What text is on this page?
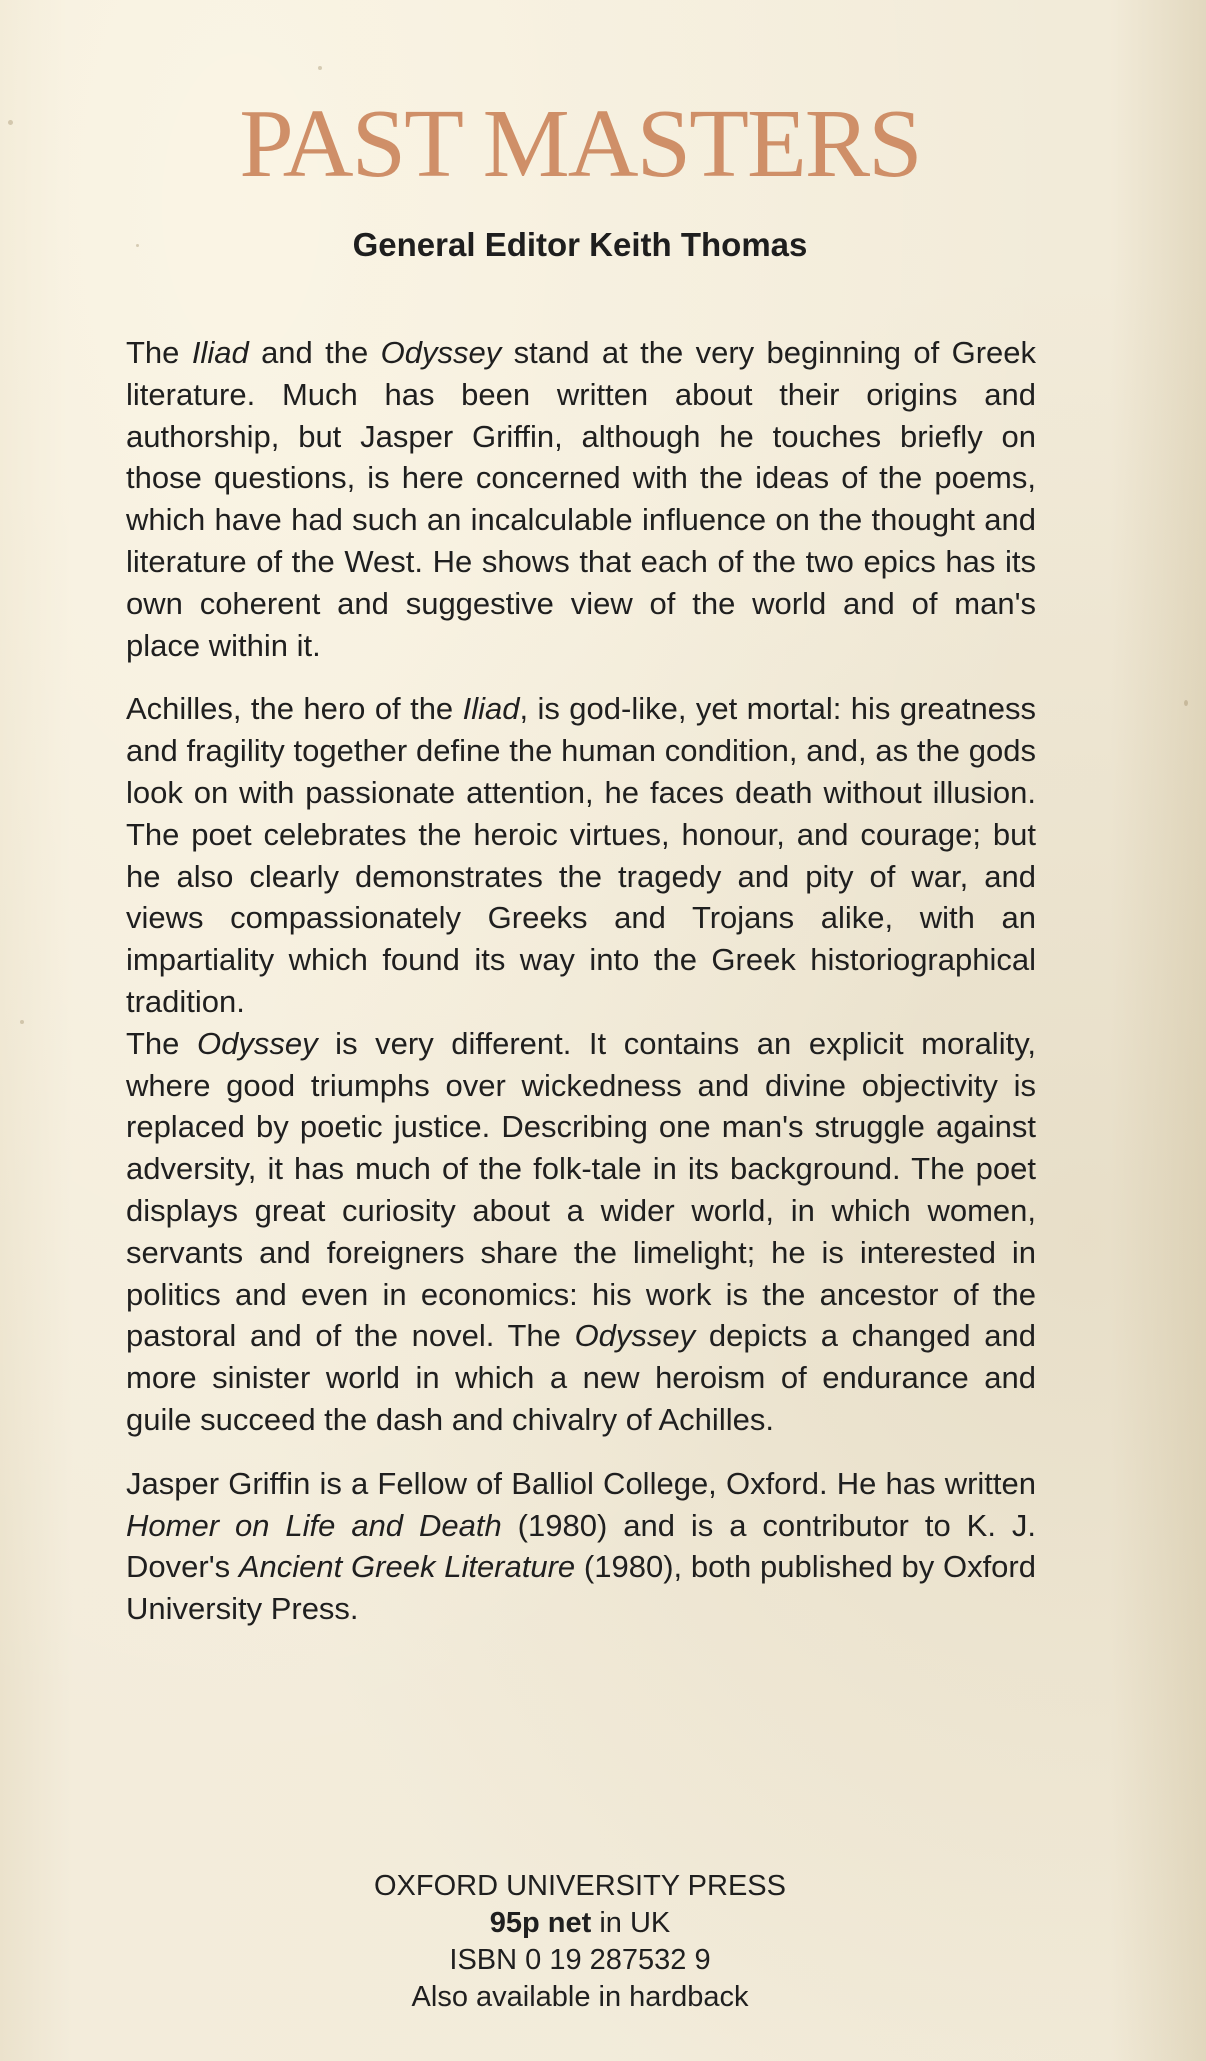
PAST MASTERS
General Editor Keith Thomas

The Iliad and the Odyssey stand at the very beginning of Greek literature. Much has been written about their origins and authorship, but Jasper Griffin, although he touches briefly on those questions, is here concerned with the ideas of the poems, which have had such an incalculable influence on the thought and literature of the West. He shows that each of the two epics has its own coherent and suggestive view of the world and of man's place within it.

Achilles, the hero of the Iliad, is god-like, yet mortal: his greatness and fragility together define the human condition, and, as the gods look on with passionate attention, he faces death without illusion. The poet celebrates the heroic virtues, honour, and courage; but he also clearly demonstrates the tragedy and pity of war, and views compassionately Greeks and Trojans alike, with an impartiality which found its way into the Greek historiographical tradition.

The Odyssey is very different. It contains an explicit morality, where good triumphs over wickedness and divine objectivity is replaced by poetic justice. Describing one man's struggle against adversity, it has much of the folk-tale in its background. The poet displays great curiosity about a wider world, in which women, servants and foreigners share the limelight; he is interested in politics and even in economics: his work is the ancestor of the pastoral and of the novel. The Odyssey depicts a changed and more sinister world in which a new heroism of endurance and guile succeed the dash and chivalry of Achilles.

Jasper Griffin is a Fellow of Balliol College, Oxford. He has written Homer on Life and Death (1980) and is a contributor to K. J. Dover's Ancient Greek Literature (1980), both published by Oxford University Press.

OXFORD UNIVERSITY PRESS
95p net in UK
ISBN 0 19 287532 9
Also available in hardback
